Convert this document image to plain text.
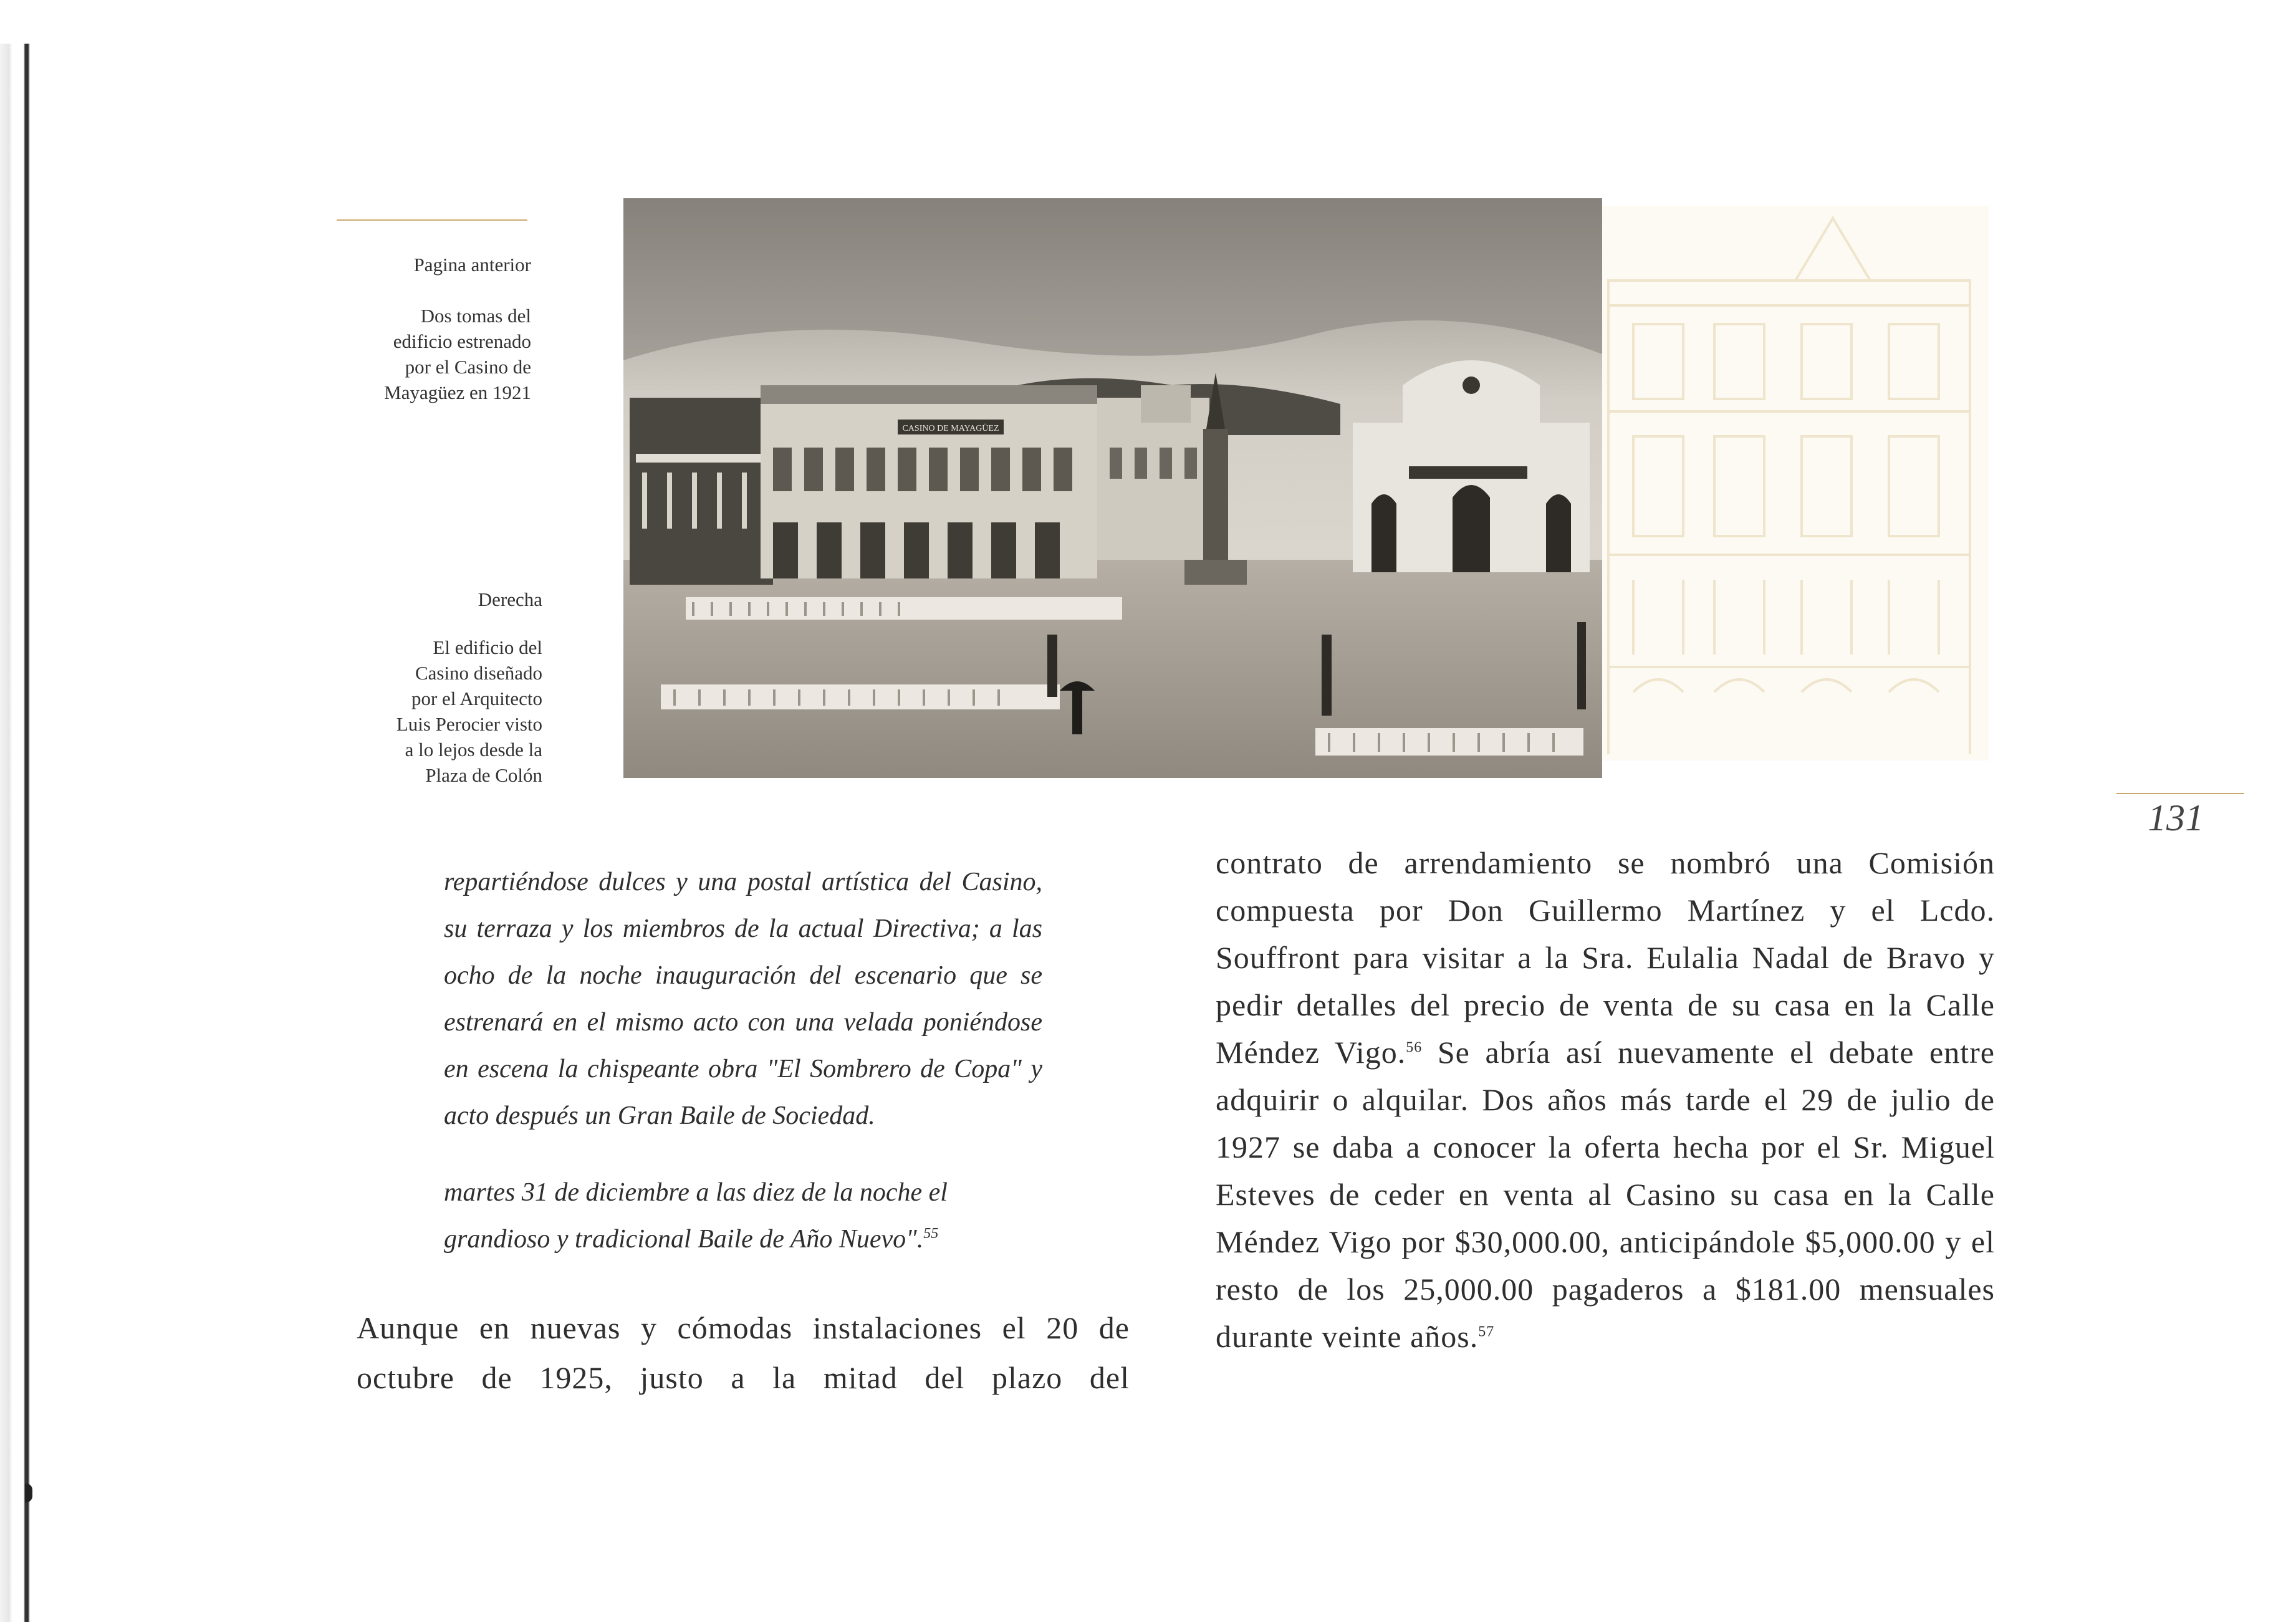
Pagina anterior
Dos tomas del
edificio estrenado
por el Casino de
Mayagüez en 1921
Derecha
El edificio del
Casino diseñado
por el Arquitecto
Luis Perocier visto
a lo lejos desde la
Plaza de Colón
CASINO DE MAYAGÜEZ
131
repartiéndose dulces y una postal artística del Casino, su terraza y los miembros de la actual Directiva; a las ocho de la noche inauguración del escenario que se estrenará en el mismo acto con una velada poniéndose en escena la chispeante obra "El Sombrero de Copa" y acto después un Gran Baile de Sociedad.
martes 31 de diciembre a las diez de la noche el grandioso y tradicional Baile de Año Nuevo".$^{55}$
Aunque en nuevas y cómodas instalaciones el 20 de octubre de 1925, justo a la mitad del plazo del
contrato de arrendamiento se nombró una Comisión compuesta por Don Guillermo Martínez y el Lcdo. Souffront para visitar a la Sra. Eulalia Nadal de Bravo y pedir detalles del precio de venta de su casa en la Calle Méndez Vigo.$^{56}$ Se abría así nuevamente el debate entre adquirir o alquilar. Dos años más tarde el 29 de julio de 1927 se daba a conocer la oferta hecha por el Sr. Miguel Esteves de ceder en venta al Casino su casa en la Calle Méndez Vigo por $30,000.00, anticipándole $5,000.00 y el resto de los 25,000.00 pagaderos a $181.00 mensuales durante veinte años.$^{57}$
